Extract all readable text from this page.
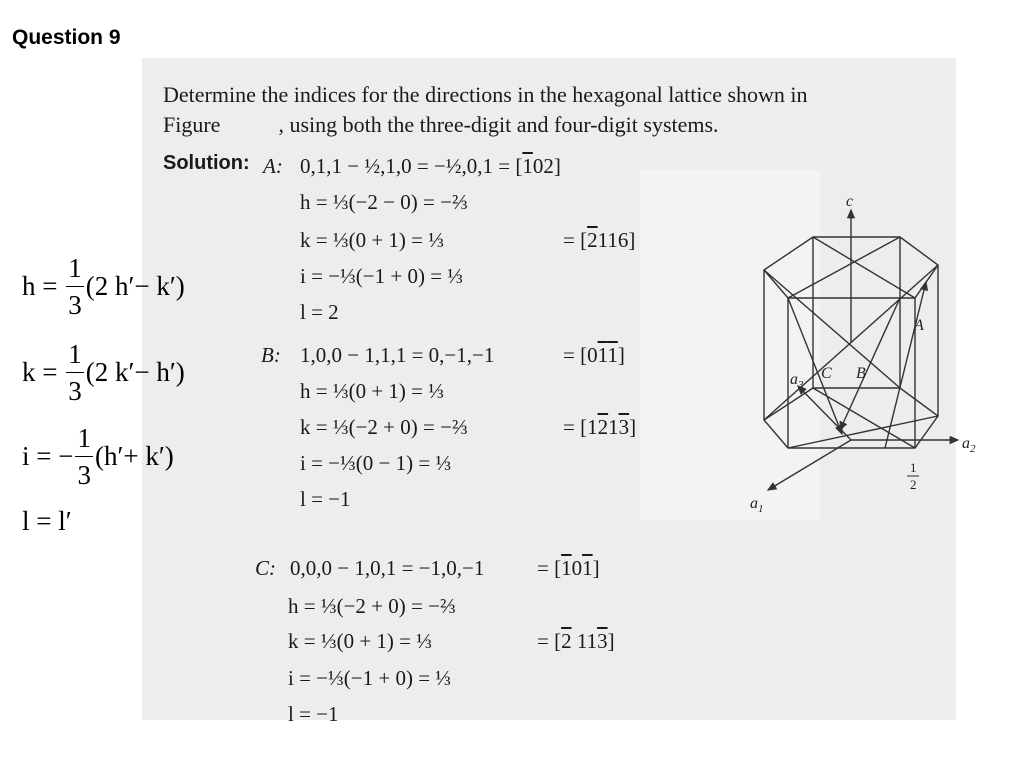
Question 9
Determine the indices for the directions in the hexagonal lattice shown in
Figure	, using both the three-digit and four-digit systems.
Solution:
$h = \frac{1}{3} (2$ h′− k′)
$k = \frac{1}{3} (2$ k′− h′)
i = − $\frac{1}{3} (h'+ k')$
l = l′
A: 0,1,1 − ½,1,0 = −½,0,1 = [102]
h = ⅓(−2 − 0) = −⅔
k = ⅓(0 + 1) = ⅓	= [2116]
i = −⅓(−1 + 0) = ⅓
l = 2
B: 1,0,0 − 1,1,1 = 0,−1,−1	= [011]
h = ⅓(0 + 1) = ⅓
k = ⅓(−2 + 0) = −⅔	= [1213]
i = −⅓(0 − 1) = ⅓
l = −1
C: 0,0,0 − 1,0,1 = −1,0,−1	= [101]
h = ⅓(−2 + 0) = −⅔
k = ⅓(0 + 1) = ⅓	= [2 113]
i = −⅓(−1 + 0) = ⅓
l = −1
c
$a_2$
$a_1$
$a_3$
A
B
C
1
2
